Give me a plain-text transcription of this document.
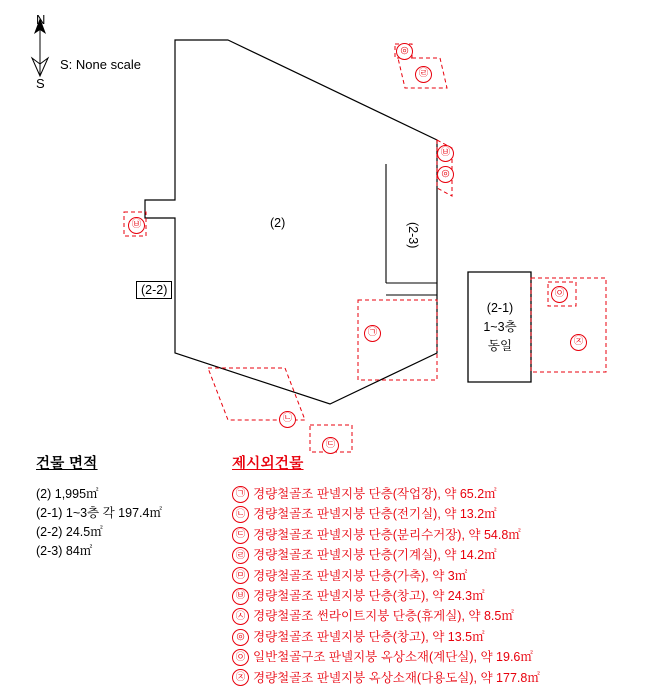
N
S
S: None scale
(2)
(2-2)
(2-3)
(2-1)
1~3층
동일
◎
㉣
㉥
◎
㉥
㉠
㉡
㉢
㉧
㉨
건물 면적
(2) 1,995㎡
(2-1) 1~3층 각 197.4㎡
(2-2) 24.5㎡
(2-3) 84㎡
제시외건물
㉠ 경량철골조 판넬지붕 단층(작업장), 약 65.2㎡
㉡ 경량철골조 판넬지붕 단층(전기실), 약 13.2㎡
㉢ 경량철골조 판넬지붕 단층(분리수거장), 약 54.8㎡
㉣ 경량철골조 판넬지붕 단층(기계실), 약 14.2㎡
㉤ 경량철골조 판넬지붕 단층(가축), 약 3㎡
㉥ 경량철골조 판넬지붕 단층(창고), 약 24.3㎡
㉦ 경량철골조 썬라이트지붕 단층(휴게실), 약 8.5㎡
◎ 경량철골조 판넬지붕 단층(창고), 약 13.5㎡
㉧ 일반철골구조 판넬지붕 옥상소재(계단실), 약 19.6㎡
㉨ 경량철골조 판넬지붕 옥상소재(다용도실), 약 177.8㎡
